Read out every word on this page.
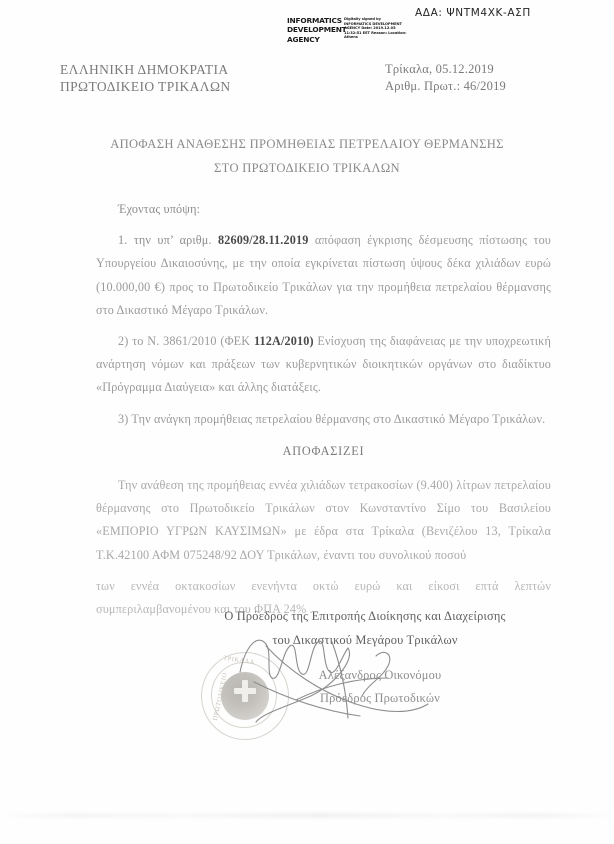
ΑΔΑ: ΨΝΤΜ4ΧΚ-ΑΣΠ
INFORMATICS DEVELOPMENT AGENCY
Digitally signed by INFORMATICS DEVELOPMENT AGENCY Date: 2019.12.05 11:32:51 EET Reason: Location: Athens
ΕΛΛΗΝΙΚΗ ΔΗΜΟΚΡΑΤΙΑ
ΠΡΩΤΟΔΙΚΕΙΟ ΤΡΙΚΑΛΩΝ
Τρίκαλα, 05.12.2019
Αριθμ. Πρωτ.: 46/2019
ΑΠΟΦΑΣΗ ΑΝΑΘΕΣΗΣ ΠΡΟΜΗΘΕΙΑΣ ΠΕΤΡΕΛΑΙΟΥ ΘΕΡΜΑΝΣΗΣ
ΣΤΟ ΠΡΩΤΟΔΙΚΕΙΟ ΤΡΙΚΑΛΩΝ

Έχοντας υπόψη:

1. την υπ’ αριθμ. 82609/28.11.2019 απόφαση έγκρισης δέσμευσης πίστωσης του Υπουργείου Δικαιοσύνης, με την οποία εγκρίνεται πίστωση ύψους δέκα χιλιάδων ευρώ (10.000,00 €) προς το Πρωτοδικείο Τρικάλων για την προμήθεια πετρελαίου θέρμανσης στο Δικαστικό Μέγαρο Τρικάλων.

2) το Ν. 3861/2010 (ΦΕΚ 112Α/2010) Ενίσχυση της διαφάνειας με την υποχρεωτική ανάρτηση νόμων και πράξεων των κυβερνητικών διοικητικών οργάνων στο διαδίκτυο «Πρόγραμμα Διαύγεια» και άλλης διατάξεις.

3) Την ανάγκη προμήθειας πετρελαίου θέρμανσης στο Δικαστικό Μέγαρο Τρικάλων.

ΑΠΟΦΑΣΙΖΕΙ

Την ανάθεση της προμήθειας εννέα χιλιάδων τετρακοσίων (9.400) λίτρων πετρελαίου θέρμανσης στο Πρωτοδικείο Τρικάλων στον Κωνσταντίνο Σίμο του Βασιλείου «ΕΜΠΟΡΙΟ ΥΓΡΩΝ ΚΑΥΣΙΜΩΝ» με έδρα στα Τρίκαλα (Βενιζέλου 13, Τρίκαλα Τ.Κ.42100 ΑΦΜ 075248/92 ΔΟΥ Τρικάλων, έναντι του συνολικού ποσού

των εννέα οκτακοσίων ενενήντα οκτώ ευρώ και είκοσι επτά λεπτών συμπεριλαμβανομένου και του ΦΠΑ 24% .

Ο Πρόεδρος της Επιτροπής Διοίκησης και Διαχείρισης
του Δικαστικού Μεγάρου Τρικάλων
ΤΡΙΚΑΛΑ
ΠΡΩΤΟΔΙΚΕΙΟ	Αλέξανδρος Οικονόμου
Πρόεδρος Πρωτοδικών
